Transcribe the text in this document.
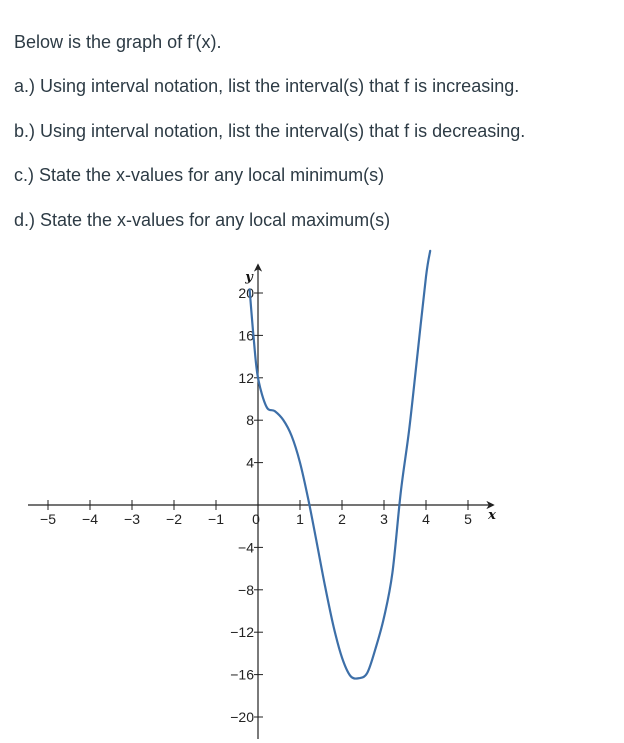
Below is the graph of f'(x).

a.) Using interval notation, list the interval(s) that f is increasing.

b.) Using interval notation, list the interval(s) that f is decreasing.

c.) State the x-values for any local minimum(s)

d.) State the x-values for any local maximum(s)

−5 −4 −3 −2 −1 0	1 2 3 4 5
−20
−16
−12
−8
−4
4
8
12
16
20
x
y
